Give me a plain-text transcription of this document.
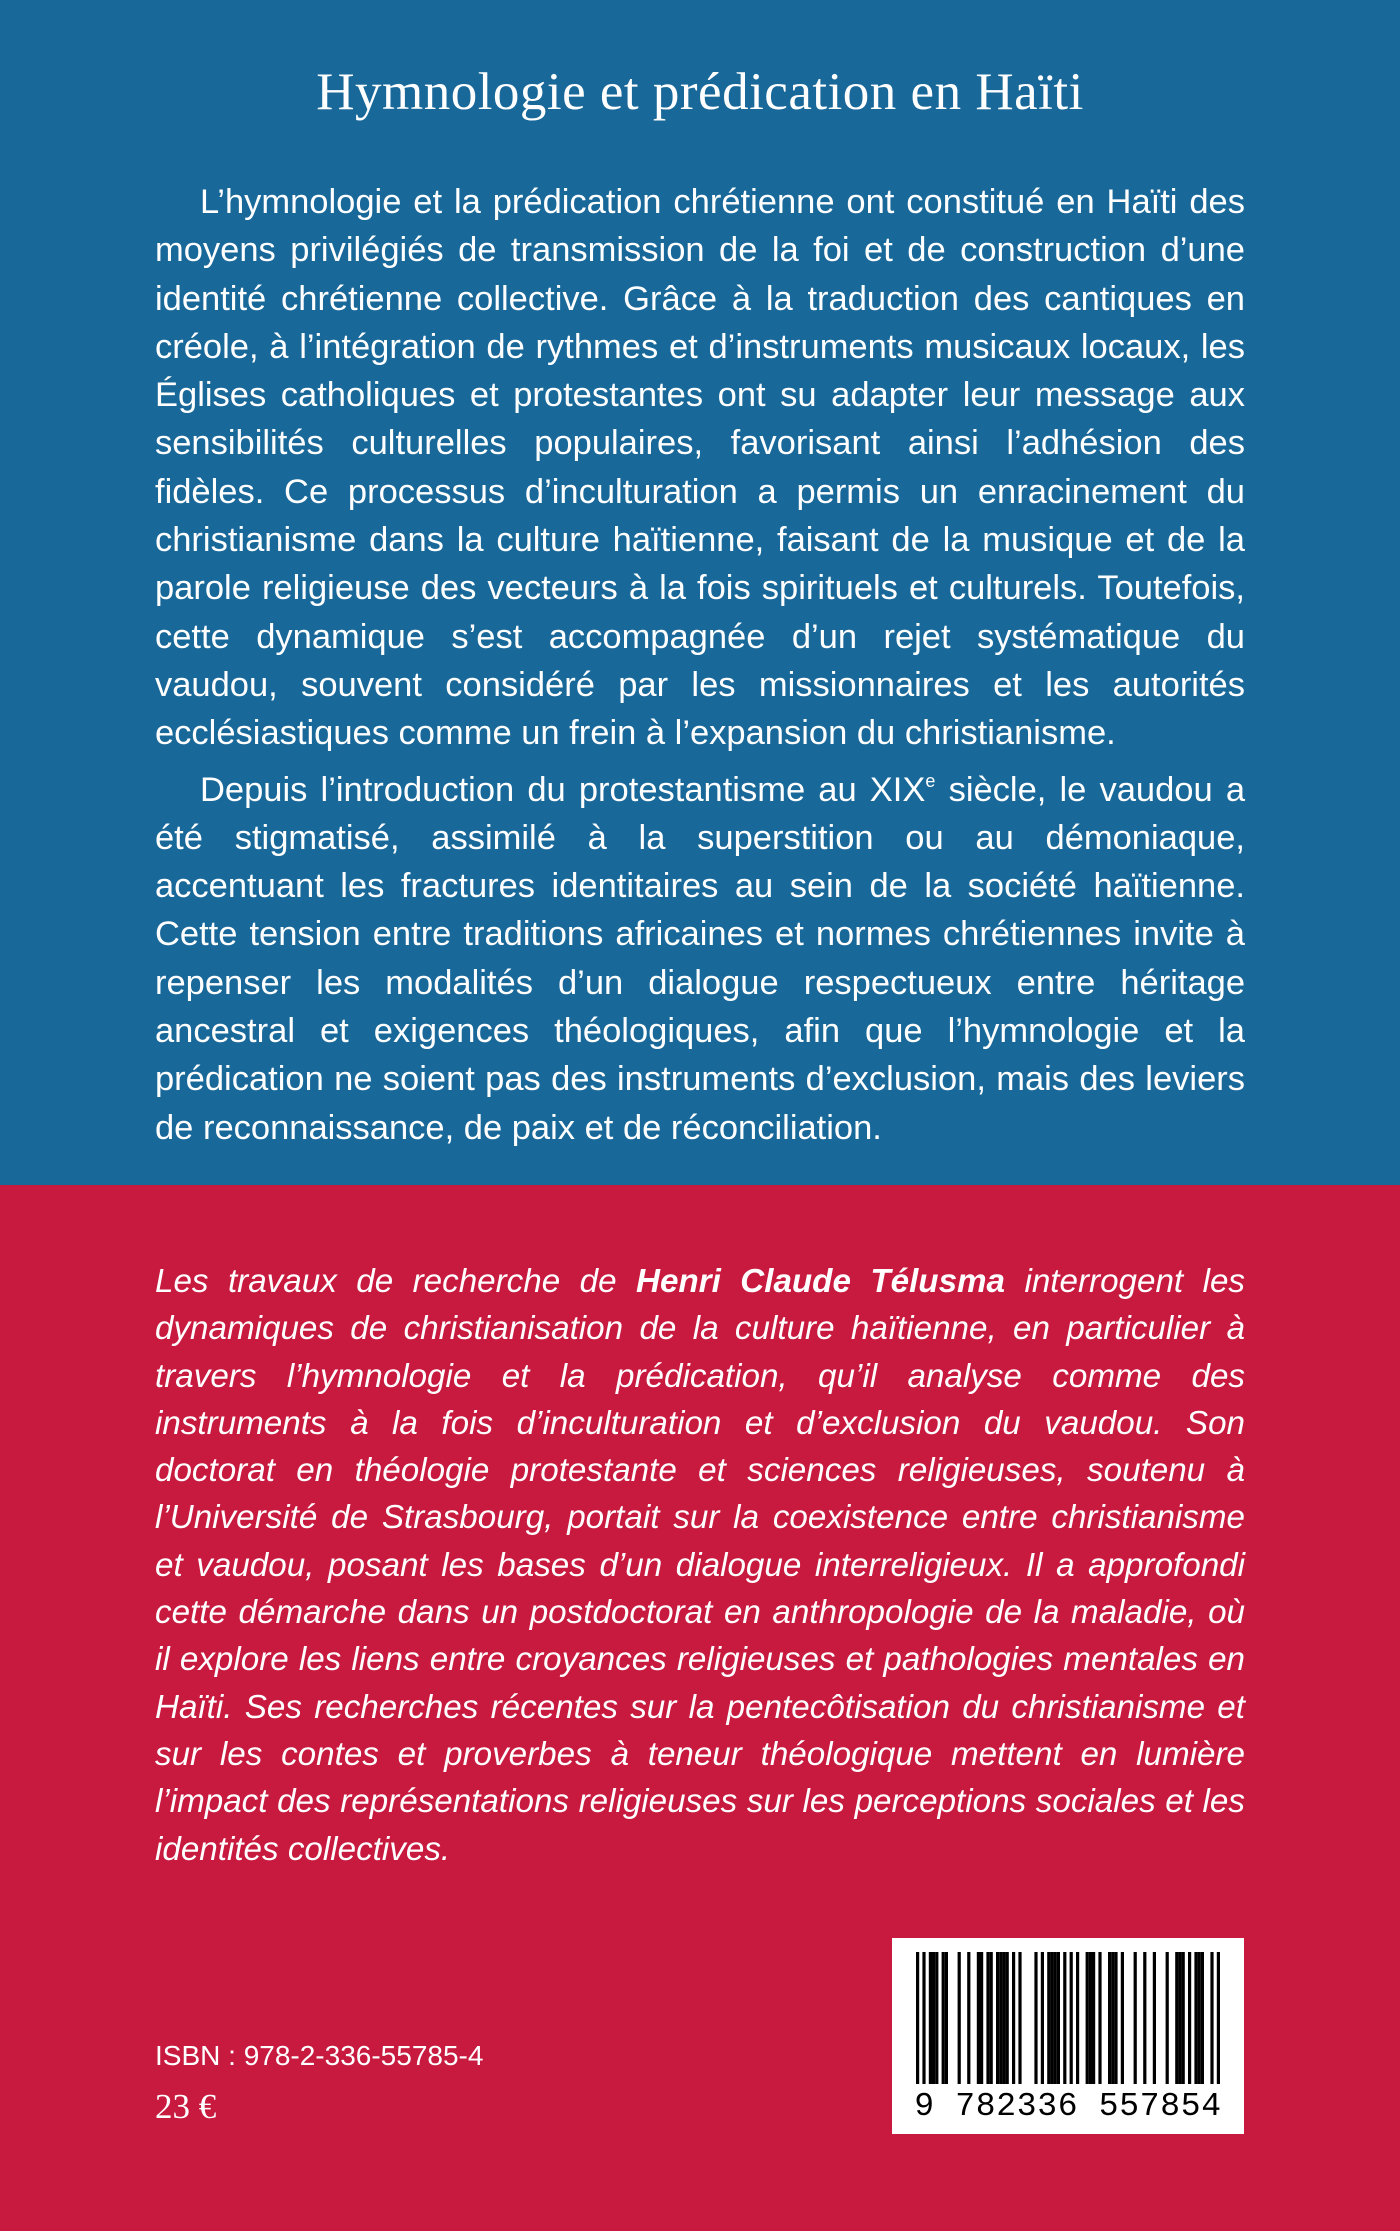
Hymnologie et prédication en Haïti

L’hymnologie et la prédication chrétienne ont constitué en Haïti des moyens privilégiés de transmission de la foi et de construction d’une identité chrétienne collective. Grâce à la traduction des cantiques en créole, à l’intégration de rythmes et d’instruments musicaux locaux, les Églises catholiques et protestantes ont su adapter leur message aux sensibilités culturelles populaires, favorisant ainsi l’adhésion des fidèles. Ce processus d’inculturation a permis un enracinement du christianisme dans la culture haïtienne, faisant de la musique et de la parole religieuse des vecteurs à la fois spirituels et culturels. Toutefois, cette dynamique s’est accompagnée d’un rejet systématique du vaudou, souvent considéré par les missionnaires et les autorités ecclésiastiques comme un frein à l’expansion du christianisme.

Depuis l’introduction du protestantisme au XIXe siècle, le vaudou a été stigmatisé, assimilé à la superstition ou au démoniaque, accentuant les fractures identitaires au sein de la société haïtienne. Cette tension entre traditions africaines et normes chrétiennes invite à repenser les modalités d’un dialogue respectueux entre héritage ancestral et exigences théologiques, afin que l’hymnologie et la prédication ne soient pas des instruments d’exclusion, mais des leviers de reconnaissance, de paix et de réconciliation.

Les travaux de recherche de Henri Claude Télusma interrogent les dynamiques de christianisation de la culture haïtienne, en particulier à travers l’hymnologie et la prédication, qu’il analyse comme des instruments à la fois d’inculturation et d’exclusion du vaudou. Son doctorat en théologie protestante et sciences religieuses, soutenu à l’Université de Strasbourg, portait sur la coexistence entre christianisme et vaudou, posant les bases d’un dialogue interreligieux. Il a approfondi cette démarche dans un postdoctorat en anthropologie de la maladie, où il explore les liens entre croyances religieuses et pathologies mentales en Haïti. Ses recherches récentes sur la pentecôtisation du christianisme et sur les contes et proverbes à teneur théologique mettent en lumière l’impact des représentations religieuses sur les perceptions sociales et les identités collectives.

ISBN : 978-2-336-55785-4

23 €	9 782336 557854
